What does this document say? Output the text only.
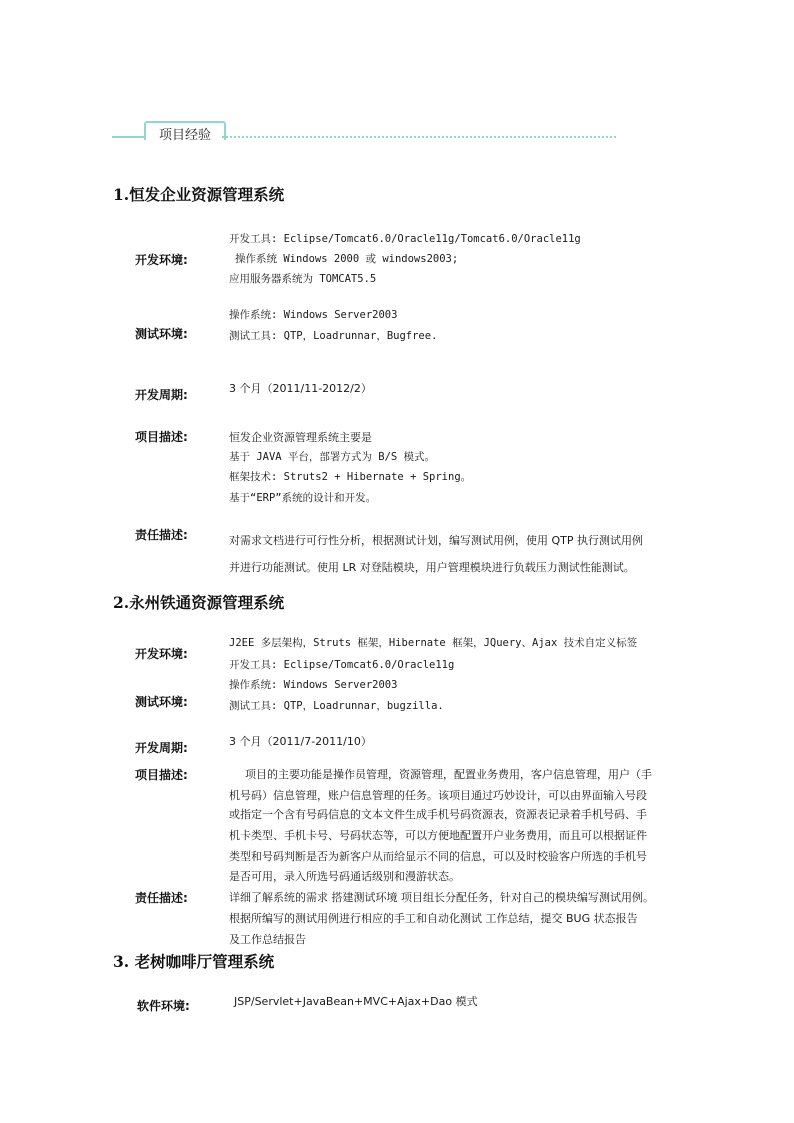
项目经验
1.恒发企业资源管理系统
开发环境:
开发工具: Eclipse/Tomcat6.0/Oracle11g/Tomcat6.0/Oracle11g
操作系统 Windows 2000 或 windows2003;
应用服务器系统为 TOMCAT5.5
测试环境:
操作系统: Windows Server2003
测试工具: QTP，Loadrunnar，Bugfree.
开发周期:	3 个月（2011/11-2012/2）
项目描述:	恒发企业资源管理系统主要是
基于 JAVA 平台，部署方式为 B/S 模式。
框架技术: Struts2 + Hibernate + Spring。
基于“ERP”系统的设计和开发。
责任描述:	对需求文档进行可行性分析，根据测试计划，编写测试用例，使用 QTP 执行测试用例
并进行功能测试。使用 LR 对登陆模块，用户管理模块进行负载压力测试性能测试。
2.永州铁通资源管理系统
开发环境:
J2EE 多层架构，Struts 框架，Hibernate 框架，JQuery、Ajax 技术自定义标签
开发工具: Eclipse/Tomcat6.0/Oracle11g
测试环境:
操作系统: Windows Server2003
测试工具: QTP，Loadrunnar，bugzilla.
开发周期:	3 个月（2011/7-2011/10）
项目描述:	项目的主要功能是操作员管理，资源管理，配置业务费用，客户信息管理，用户（手
机号码）信息管理，账户信息管理的任务。该项目通过巧妙设计，可以由界面输入号段
或指定一个含有号码信息的文本文件生成手机号码资源表，资源表记录着手机号码、手
机卡类型、手机卡号、号码状态等，可以方便地配置开户业务费用，而且可以根据证件
类型和号码判断是否为新客户从而给显示不同的信息，可以及时校验客户所选的手机号
是否可用，录入所选号码通话级别和漫游状态。
责任描述:	详细了解系统的需求 搭建测试环境 项目组长分配任务，针对自己的模块编写测试用例。
根据所编写的测试用例进行相应的手工和自动化测试 工作总结，提交 BUG 状态报告
及工作总结报告
3. 老树咖啡厅管理系统
软件环境:	JSP/Servlet+JavaBean+MVC+Ajax+Dao 模式
